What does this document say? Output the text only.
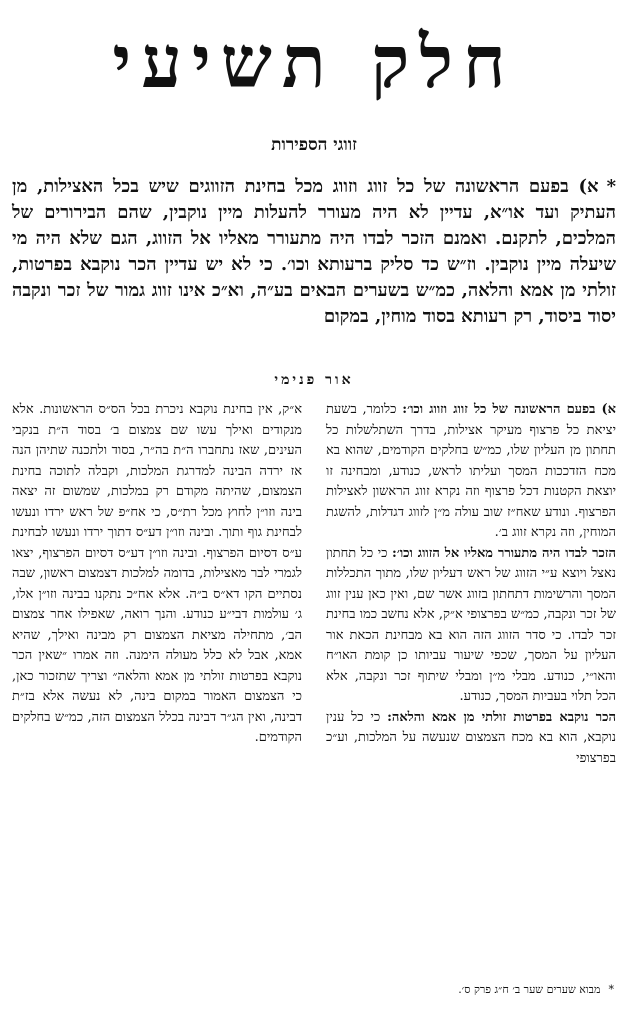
חלק תשיעי
זווגי הספירות

*א) בפעם הראשונה של כל זווג וזווג מכל בחינת הזווגים שיש בכל האצילות, מן העתיק ועד או״א, עדיין לא היה מעורר להעלות מיין נוקבין, שהם הבירורים של המלכים, לתקנם. ואמנם הזכר לבדו היה מתעורר מאליו אל הזווג, הגם שלא היה מי שיעלה מיין נוקבין. וז״ש כד סליק ברעותא וכו׳. כי לא יש עדיין הכר נוקבא בפרטות, זולתי מן אמא והלאה, כמ״ש בשערים הבאים בע״ה, וא״כ אינו זווג גמור של זכר ונקבה יסוד ביסוד, רק רעותא בסוד מוחין, במקום

אור פנימי

א) בפעם הראשונה של כל זווג וזווג וכו׳: כלומר, בשעת יציאת כל פרצוף מעיקר אצילות, בדרך השתלשלות כל תחתון מן העליון שלו, כמ״ש בחלקים הקודמים, שהוא בא מכח הזדככות המסך ועליתו לראש, כנודע, ומבחינה זו יוצאת הקטנות דכל פרצוף וזה נקרא זווג הראשון לאצילות הפרצוף. ונודע שאח״ז שוב עולה מ״ן לזווג דגדלות, להשגת המוחין, וזה נקרא זווג ב׳.

הזכר לבדו היה מתעורר מאליו אל הזווג וכו׳: כי כל תחתון נאצל ויוצא ע״י הזווג של ראש דעליון שלו, מתוך התכללות המסך והרשימות דתחתון בזווג אשר שם, ואין כאן ענין זווג של זכר ונקבה, כמ״ש בפרצופי א״ק, אלא נחשב כמו בחינת זכר לבדו. כי סדר הזווג הזה הוא בא מבחינת הכאת אור העליון על המסך, שכפי שיעור עביותו כן קומת האו״ח והאו״י, כנודע. מבלי מ״ן ומבלי שיתוף זכר ונקבה, אלא הכל תלוי בעביות המסך, כנודע.

הכר נוקבא בפרטות זולתי מן אמא והלאה: כי כל ענין נוקבא, הוא בא מכח הצמצום שנעשה על המלכות, וע״כ בפרצופי

א״ק, אין בחינת נוקבא ניכרת בכל הס״ס הראשונות. אלא מנקודים ואילך עשו שם צמצום ב׳ בסוד ה״ת בנקבי העינים, שאז נתחברו ה״ת בה״ר, בסוד ולתכנה שתיהן הנה אז ירדה הבינה למדרגת המלכות, וקבלה לתוכה בחינת הצמצום, שהיתה מקודם רק במלכות, שמשום זה יצאה בינה וזו״ן לחוץ מכל רת״ס, כי אח״פ של ראש ירדו ונעשו לבחינת גוף ותוך. ובינה וזו״ן דע״ס דתוך ירדו ונעשו לבחינת ע״ס דסיום הפרצוף. ובינה וזו״ן דע״ס דסיום הפרצוף, יצאו לגמרי לבר מאצילות, בדומה למלכות דצמצום ראשון, שבה נסתיים הקו דא״ס ב״ה. אלא אח״כ נתקנו בבינה וזו״ן אלו, ג׳ עולמות דבי״ע כנודע. והנך רואה, שאפילו אחר צמצום הב׳, מתחילה מציאת הצמצום רק מבינה ואילך, שהיא אמא, אבל לא כלל מעולה הימנה. וזה אמרו ״שאין הכר נוקבא בפרטות זולתי מן אמא והלאה״ וצריך שתזכור כאן, כי הצמצום האמור במקום בינה, לא נעשה אלא בז״ת דבינה, ואין הג״ר דבינה בכלל הצמצום הזה, כמ״ש בחלקים הקודמים.

*מבוא שערים שער ב׳ ח״ג פרק ס׳.
